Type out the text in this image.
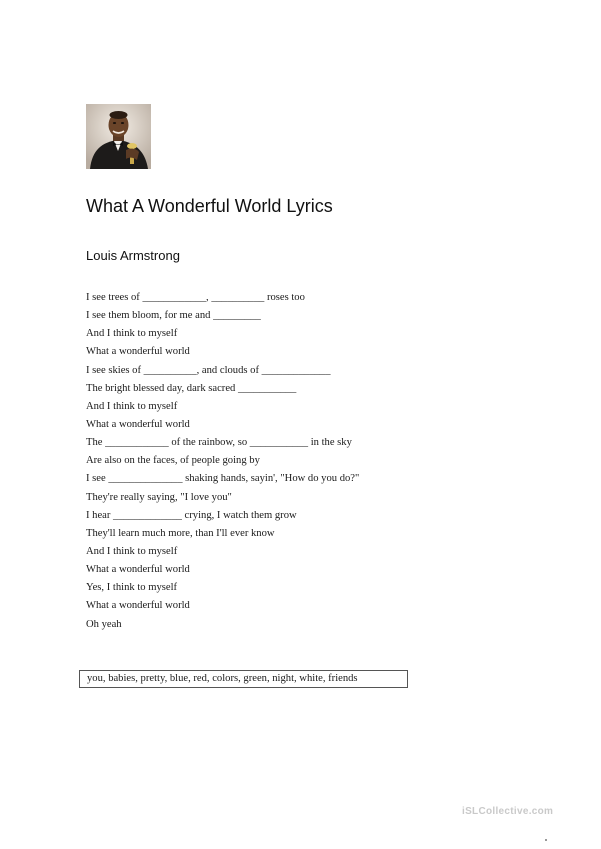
What A Wonderful World Lyrics
Louis Armstrong
I see trees of ____________, __________ roses too
I see them bloom, for me and _________
And I think to myself
What a wonderful world
I see skies of __________, and clouds of _____________
The bright blessed day, dark sacred ___________
And I think to myself
What a wonderful world
The ____________ of the rainbow, so ___________ in the sky
Are also on the faces, of people going by
I see ______________ shaking hands, sayin', "How do you do?"
They're really saying, "I love you"
I hear _____________ crying, I watch them grow
They'll learn much more, than I'll ever know
And I think to myself
What a wonderful world
Yes, I think to myself
What a wonderful world
Oh yeah
you, babies, pretty, blue, red, colors, green, night, white, friends
iSLCollective.com
